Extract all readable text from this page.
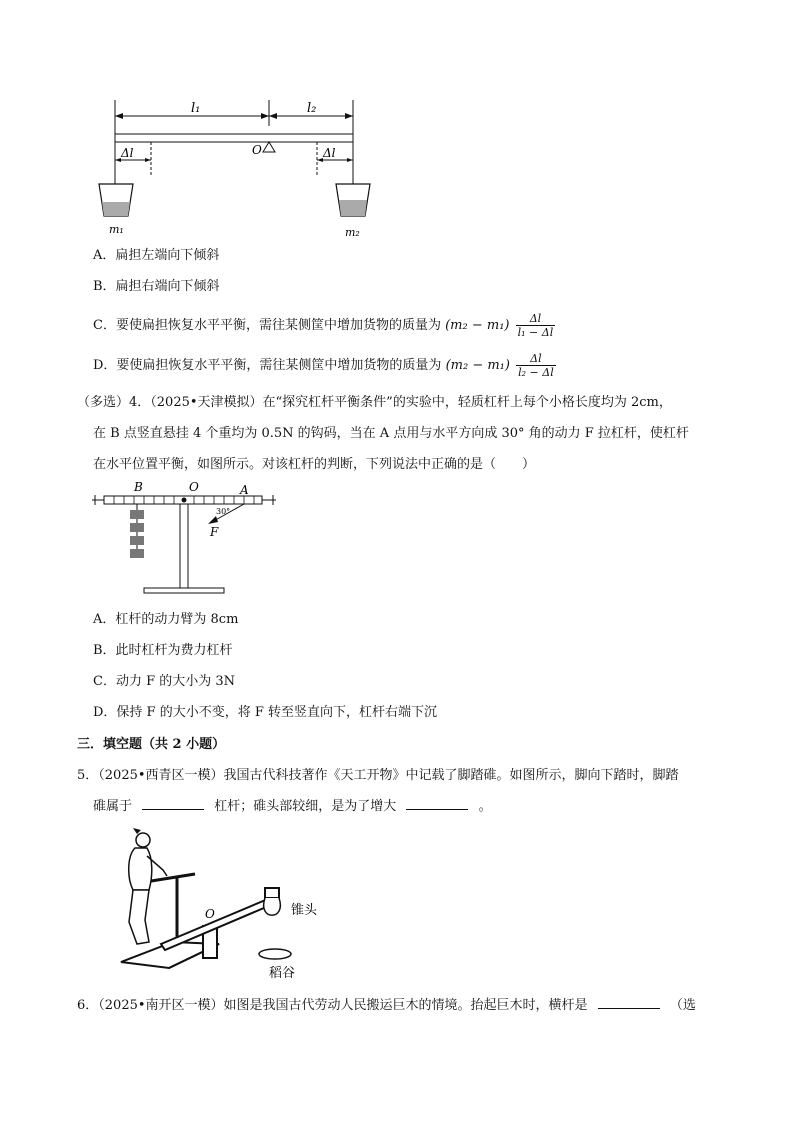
l₁	l₂
O
Δl	Δl
m₁	m₂
A．扁担左端向下倾斜
B．扁担右端向下倾斜
C．要使扁担恢复水平平衡，需往某侧筐中增加货物的质量为 $(m_2 - m_1) \frac{\Delta l}{\text{l₁ − Δl}}$
D．要使扁担恢复水平平衡，需往某侧筐中增加货物的质量为 $(m_2 - m_1) \frac{\Delta l}{\text{l₂ − Δl}}$
（多选）4．（2025•天津模拟）在“探究杠杆平衡条件”的实验中，轻质杠杆上每个小格长度均为 2cm，
在 B 点竖直悬挂 4 个重均为 0.5N 的钩码，当在 A 点用与水平方向成 30° 角的动力 F 拉杠杆，使杠杆
在水平位置平衡，如图所示。对该杠杆的判断，下列说法中正确的是（　　）
B	O	A
30°
F
A．杠杆的动力臂为 8cm
B．此时杠杆为费力杠杆
C．动力 F 的大小为 3N
D．保持 F 的大小不变，将 F 转至竖直向下，杠杆右端下沉
三．填空题（共 2 小题）
5．（2025•西青区一模）我国古代科技著作《天工开物》中记载了脚踏碓。如图所示，脚向下踏时，脚踏
碓属于	杠杆；碓头部较细，是为了增大	。
O	锥头
稻谷
6．（2025•南开区一模）如图是我国古代劳动人民搬运巨木的情境。抬起巨木时，横杆是	（选
